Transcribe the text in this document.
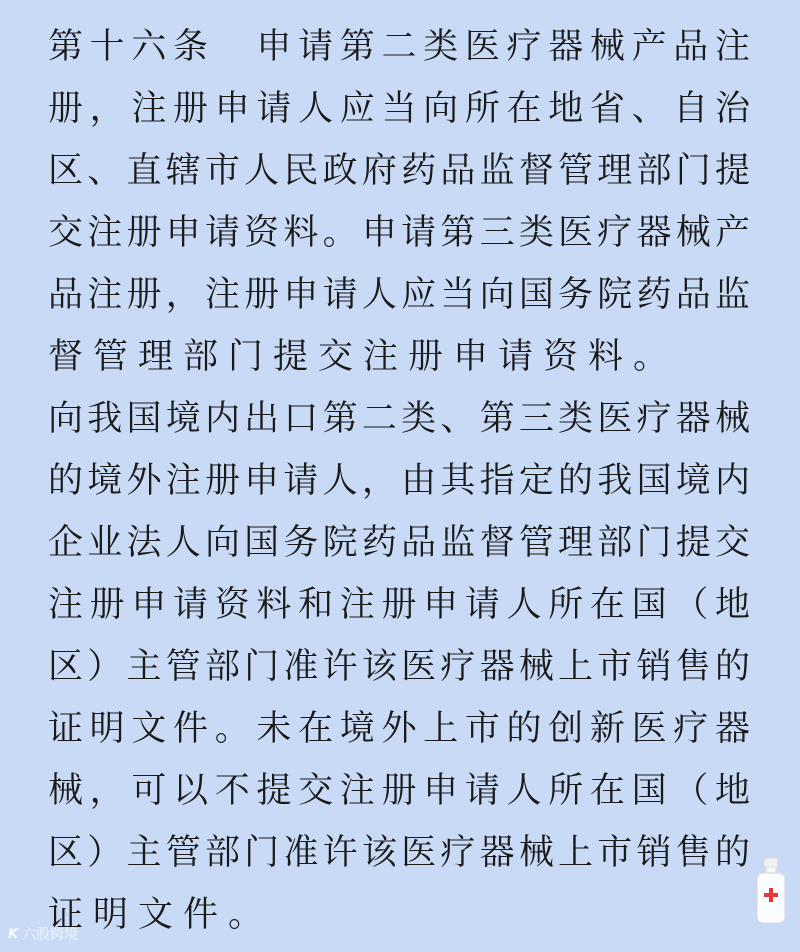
第十六条　申请第二类医疗器械产品注
册，注册申请人应当向所在地省、自治
区、直辖市人民政府药品监督管理部门提
交注册申请资料。申请第三类医疗器械产
品注册，注册申请人应当向国务院药品监
督管理部门提交注册申请资料。
向我国境内出口第二类、第三类医疗器械
的境外注册申请人，由其指定的我国境内
企业法人向国务院药品监督管理部门提交
注册申请资料和注册申请人所在国（地
区）主管部门准许该医疗器械上市销售的
证明文件。未在境外上市的创新医疗器
械，可以不提交注册申请人所在国（地
区）主管部门准许该医疗器械上市销售的
证明文件。
K 六股跨境
